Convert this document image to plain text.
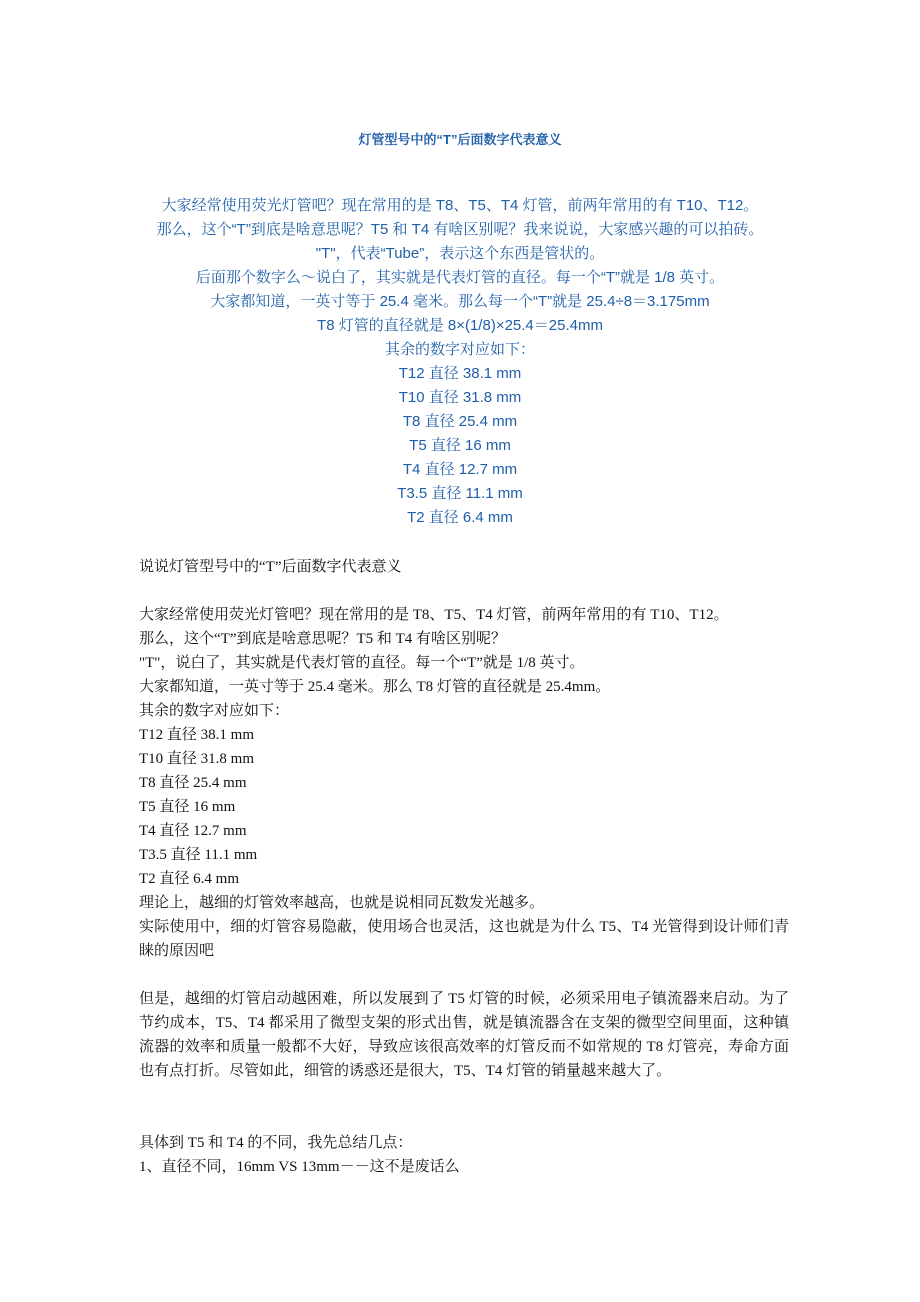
灯管型号中的“T”后面数字代表意义
大家经常使用荧光灯管吧？现在常用的是 T8、T5、T4 灯管，前两年常用的有 T10、T12。
那么，这个“T”到底是啥意思呢？T5 和 T4 有啥区别呢？我来说说，大家感兴趣的可以拍砖。
"T"，代表“Tube”，表示这个东西是管状的。
后面那个数字么～说白了，其实就是代表灯管的直径。每一个“T”就是 1/8 英寸。
大家都知道，一英寸等于 25.4 毫米。那么每一个“T”就是 25.4÷8＝3.175mm
T8 灯管的直径就是 8×(1/8)×25.4＝25.4mm
其余的数字对应如下：
T12 直径 38.1 mm
T10 直径 31.8 mm
T8 直径 25.4 mm
T5 直径 16 mm
T4 直径 12.7 mm
T3.5 直径 11.1 mm
T2 直径 6.4 mm
说说灯管型号中的“T”后面数字代表意义
大家经常使用荧光灯管吧？现在常用的是 T8、T5、T4 灯管，前两年常用的有 T10、T12。
那么，这个“T”到底是啥意思呢？T5 和 T4 有啥区别呢？
"T"，说白了，其实就是代表灯管的直径。每一个“T”就是 1/8 英寸。
大家都知道，一英寸等于 25.4 毫米。那么 T8 灯管的直径就是 25.4mm。
其余的数字对应如下：
T12 直径 38.1 mm
T10 直径 31.8 mm
T8 直径 25.4 mm
T5 直径 16 mm
T4 直径 12.7 mm
T3.5 直径 11.1 mm
T2 直径 6.4 mm
理论上，越细的灯管效率越高，也就是说相同瓦数发光越多。
实际使用中，细的灯管容易隐蔽，使用场合也灵活，这也就是为什么 T5、T4 光管得到设计师们青睐的原因吧
但是，越细的灯管启动越困难，所以发展到了 T5 灯管的时候，必须采用电子镇流器来启动。为了节约成本，T5、T4 都采用了微型支架的形式出售，就是镇流器含在支架的微型空间里面，这种镇流器的效率和质量一般都不大好，导致应该很高效率的灯管反而不如常规的 T8 灯管亮，寿命方面也有点打折。尽管如此，细管的诱惑还是很大，T5、T4 灯管的销量越来越大了。
具体到 T5 和 T4 的不同，我先总结几点：
1、直径不同，16mm VS 13mm－－这不是废话么
